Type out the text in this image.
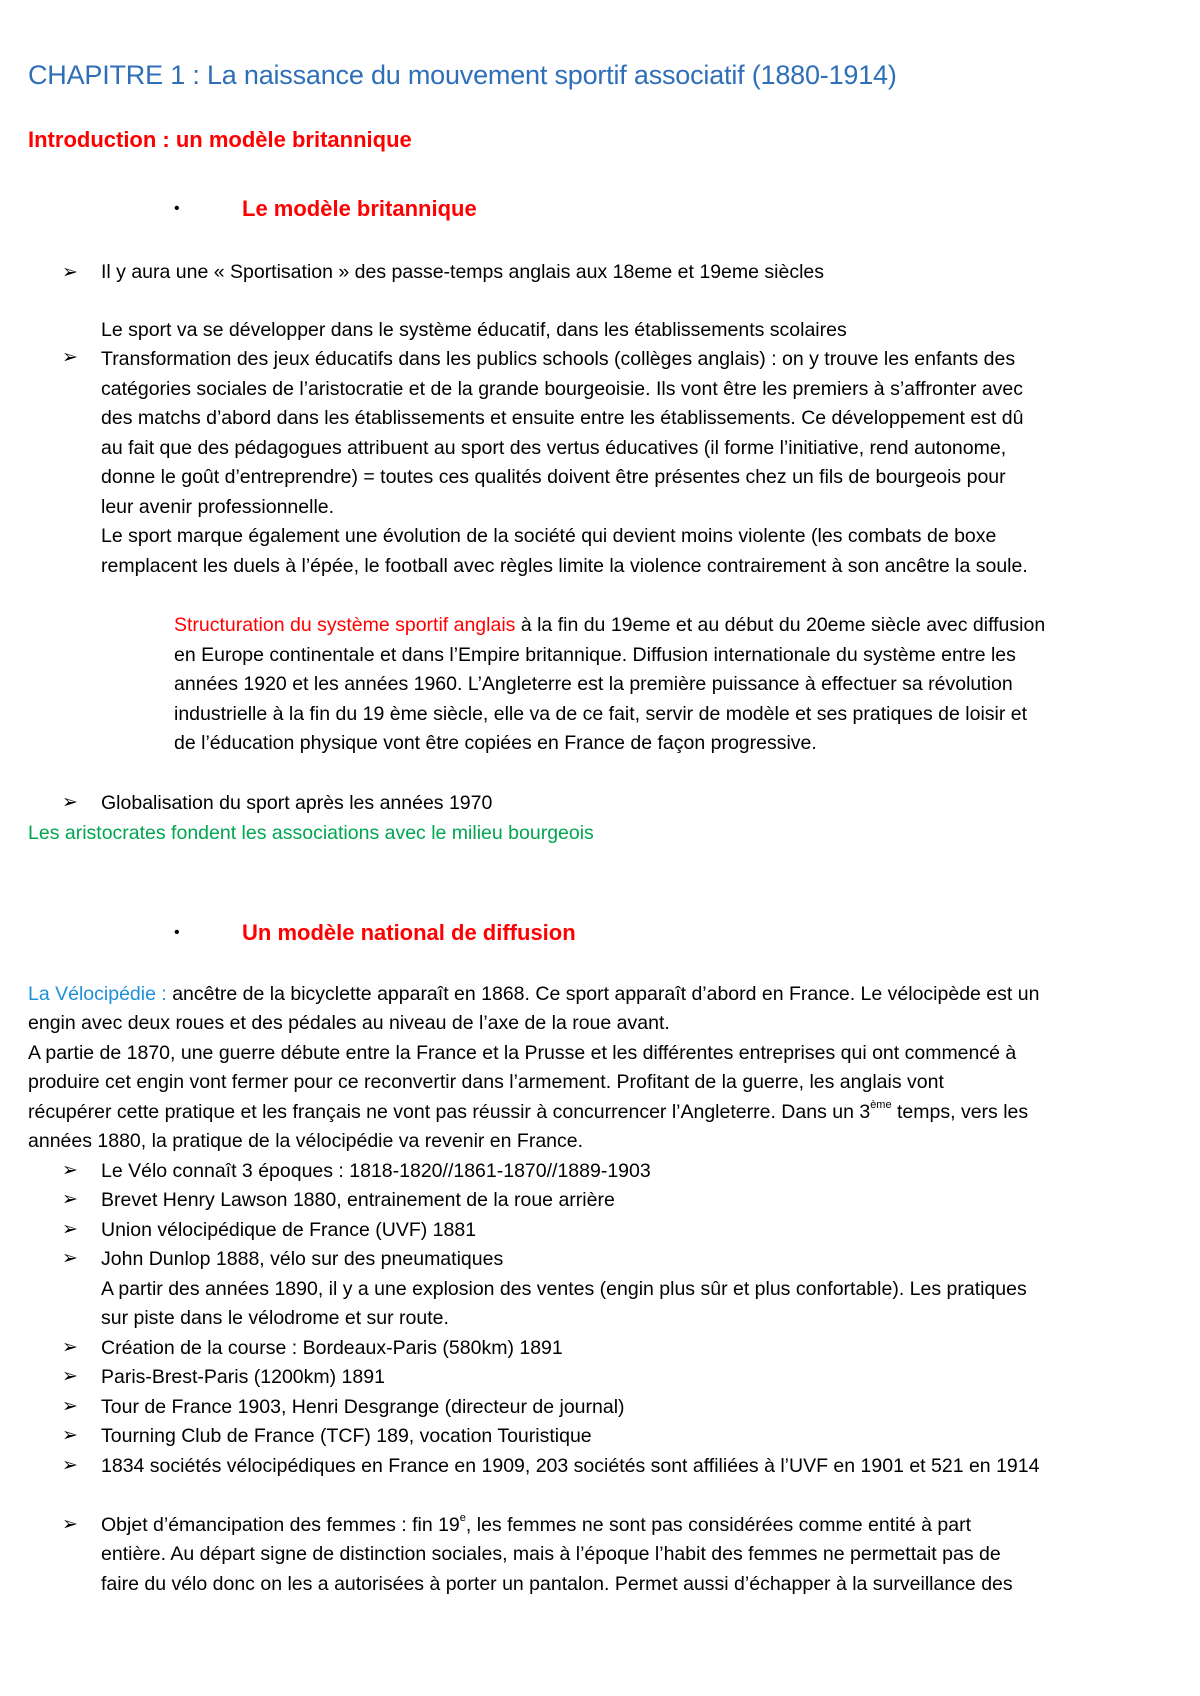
CHAPITRE 1 : La naissance du mouvement sportif associatif (1880-1914)
Introduction : un modèle britannique
•	Le modèle britannique
➢ Il y aura une « Sportisation » des passe-temps anglais aux 18eme et 19eme siècles
Le sport va se développer dans le système éducatif, dans les établissements scolaires
➢ Transformation des jeux éducatifs dans les publics schools (collèges anglais) : on y trouve les enfants des
catégories sociales de l’aristocratie et de la grande bourgeoisie. Ils vont être les premiers à s’affronter avec
des matchs d’abord dans les établissements et ensuite entre les établissements. Ce développement est dû
au fait que des pédagogues attribuent au sport des vertus éducatives (il forme l’initiative, rend autonome,
donne le goût d’entreprendre) = toutes ces qualités doivent être présentes chez un fils de bourgeois pour
leur avenir professionnelle.
Le sport marque également une évolution de la société qui devient moins violente (les combats de boxe
remplacent les duels à l’épée, le football avec règles limite la violence contrairement à son ancêtre la soule.
Structuration du système sportif anglais à la fin du 19eme et au début du 20eme siècle avec diffusion
en Europe continentale et dans l’Empire britannique. Diffusion internationale du système entre les
années 1920 et les années 1960. L’Angleterre est la première puissance à effectuer sa révolution
industrielle à la fin du 19 ème siècle, elle va de ce fait, servir de modèle et ses pratiques de loisir et
de l’éducation physique vont être copiées en France de façon progressive.
➢ Globalisation du sport après les années 1970
Les aristocrates fondent les associations avec le milieu bourgeois
•	Un modèle national de diffusion
La Vélocipédie : ancêtre de la bicyclette apparaît en 1868. Ce sport apparaît d’abord en France. Le vélocipède est un
engin avec deux roues et des pédales au niveau de l’axe de la roue avant.
A partie de 1870, une guerre débute entre la France et la Prusse et les différentes entreprises qui ont commencé à
produire cet engin vont fermer pour ce reconvertir dans l’armement. Profitant de la guerre, les anglais vont
récupérer cette pratique et les français ne vont pas réussir à concurrencer l’Angleterre. Dans un 3ème temps, vers les
années 1880, la pratique de la vélocipédie va revenir en France.
➢ Le Vélo connaît 3 époques : 1818-1820//1861-1870//1889-1903
➢ Brevet Henry Lawson 1880, entrainement de la roue arrière
➢ Union vélocipédique de France (UVF) 1881
➢ John Dunlop 1888, vélo sur des pneumatiques
A partir des années 1890, il y a une explosion des ventes (engin plus sûr et plus confortable). Les pratiques
sur piste dans le vélodrome et sur route.
➢ Création de la course : Bordeaux-Paris (580km) 1891
➢ Paris-Brest-Paris (1200km) 1891
➢ Tour de France 1903, Henri Desgrange (directeur de journal)
➢ Tourning Club de France (TCF) 189, vocation Touristique
➢ 1834 sociétés vélocipédiques en France en 1909, 203 sociétés sont affiliées à l’UVF en 1901 et 521 en 1914
➢ Objet d’émancipation des femmes : fin 19e, les femmes ne sont pas considérées comme entité à part
entière. Au départ signe de distinction sociales, mais à l’époque l’habit des femmes ne permettait pas de
faire du vélo donc on les a autorisées à porter un pantalon. Permet aussi d’échapper à la surveillance des
